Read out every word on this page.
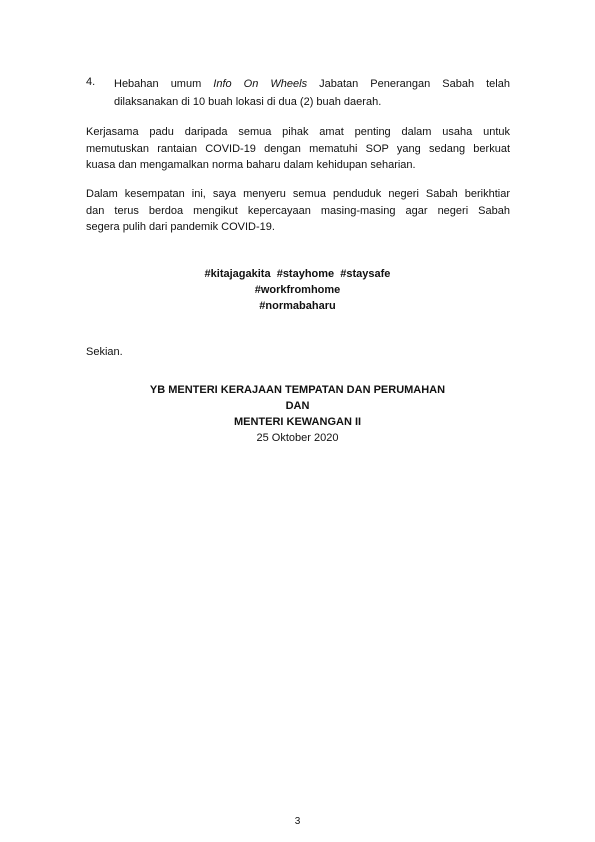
4. Hebahan umum Info On Wheels Jabatan Penerangan Sabah telah
dilaksanakan di 10 buah lokasi di dua (2) buah daerah.
Kerjasama padu daripada semua pihak amat penting dalam usaha untuk
memutuskan rantaian COVID-19 dengan mematuhi SOP yang sedang berkuat
kuasa dan mengamalkan norma baharu dalam kehidupan seharian.
Dalam kesempatan ini, saya menyeru semua penduduk negeri Sabah berikhtiar
dan terus berdoa mengikut kepercayaan masing-masing agar negeri Sabah
segera pulih dari pandemik COVID-19.
#kitajagakita  #stayhome  #staysafe
#workfromhome
#normabaharu
Sekian.
YB MENTERI KERAJAAN TEMPATAN DAN PERUMAHAN
DAN
MENTERI KEWANGAN II
25 Oktober 2020
3
